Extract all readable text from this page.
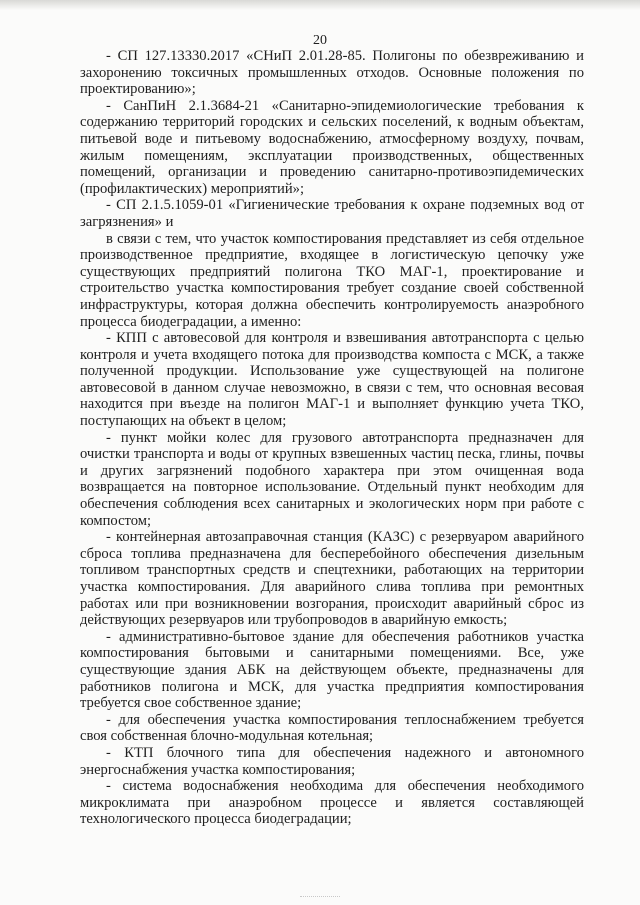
20

- СП 127.13330.2017 «СНиП 2.01.28-85. Полигоны по обезвреживанию и захоронению токсичных промышленных отходов. Основные положения по проектированию»;

- СанПиН 2.1.3684-21 «Санитарно-эпидемиологические требования к содержанию территорий городских и сельских поселений, к водным объектам, питьевой воде и питьевому водоснабжению, атмосферному воздуху, почвам, жилым помещениям, эксплуатации производственных, общественных помещений, организации и проведению санитарно-противоэпидемических (профилактических) мероприятий»;

- СП 2.1.5.1059-01 «Гигиенические требования к охране подземных вод от загрязнения» и

в связи с тем, что участок компостирования представляет из себя отдельное производственное предприятие, входящее в логистическую цепочку уже существующих предприятий полигона ТКО МАГ-1, проектирование и строительство участка компостирования требует создание своей собственной инфраструктуры, которая должна обеспечить контролируемость анаэробного процесса биодеградации, а именно:

- КПП с автовесовой для контроля и взвешивания автотранспорта с целью контроля и учета входящего потока для производства компоста с МСК, а также полученной продукции. Использование уже существующей на полигоне автовесовой в данном случае невозможно, в связи с тем, что основная весовая находится при въезде на полигон МАГ-1 и выполняет функцию учета ТКО, поступающих на объект в целом;

- пункт мойки колес для грузового автотранспорта предназначен для очистки транспорта и воды от крупных взвешенных частиц песка, глины, почвы и других загрязнений подобного характера при этом очищенная вода возвращается на повторное использование. Отдельный пункт необходим для обеспечения соблюдения всех санитарных и экологических норм при работе с компостом;

- контейнерная автозаправочная станция (КАЗС) с резервуаром аварийного сброса топлива предназначена для бесперебойного обеспечения дизельным топливом транспортных средств и спецтехники, работающих на территории участка компостирования. Для аварийного слива топлива при ремонтных работах или при возникновении возгорания, происходит аварийный сброс из действующих резервуаров или трубопроводов в аварийную емкость;

- административно-бытовое здание для обеспечения работников участка компостирования бытовыми и санитарными помещениями. Все, уже существующие здания АБК на действующем объекте, предназначены для работников полигона и МСК, для участка предприятия компостирования требуется свое собственное здание;

- для обеспечения участка компостирования теплоснабжением требуется своя собственная блочно-модульная котельная;

- КТП блочного типа для обеспечения надежного и автономного энергоснабжения участка компостирования;

- система водоснабжения необходима для обеспечения необходимого микроклимата при анаэробном процессе и является составляющей технологического процесса биодеградации;
